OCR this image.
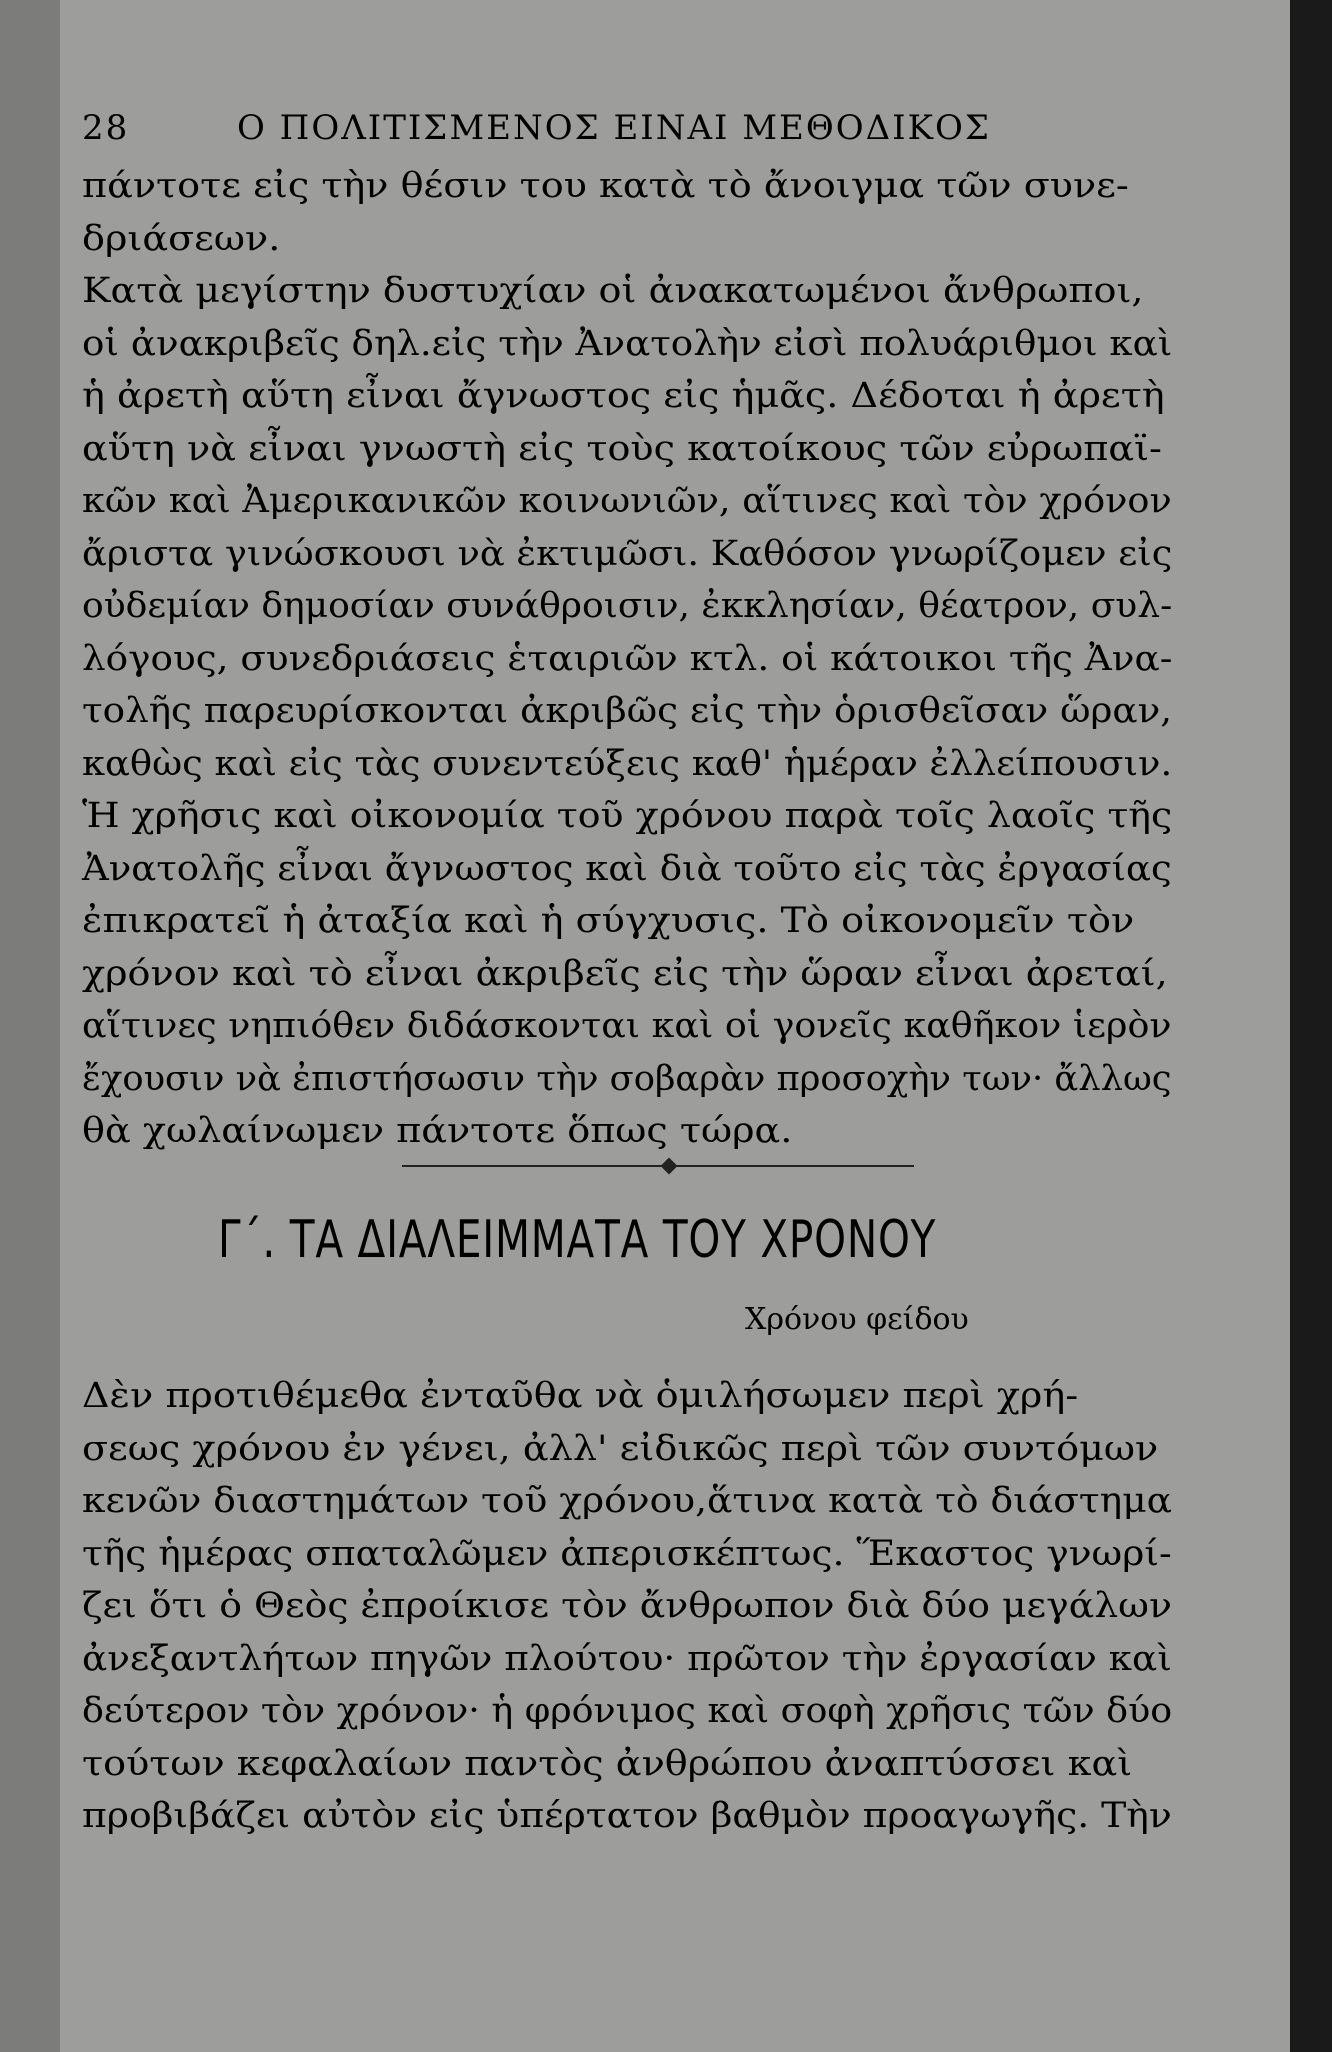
28	Ο ΠΟΛΙΤΙΣΜΕΝΟΣ ΕΙΝΑΙ ΜΕΘΟΔΙΚΟΣ
πάντοτε εἰς τὴν θέσιν του κατὰ τὸ ἄνοιγμα τῶν συνε-
δριάσεων.
Κατὰ μεγίστην δυστυχίαν οἱ ἀνακατωμένοι ἄνθρωποι,
οἱ ἀνακριβεῖς δηλ.εἰς τὴν Ἀνατολὴν εἰσὶ πολυάριθμοι καὶ
ἡ ἀρετὴ αὕτη εἶναι ἄγνωστος εἰς ἡμᾶς. Δέδοται ἡ ἀρετὴ
αὕτη νὰ εἶναι γνωστὴ εἰς τοὺς κατοίκους τῶν εὐρωπαϊ-
κῶν καὶ Ἀμερικανικῶν κοινωνιῶν, αἵτινες καὶ τὸν χρόνον
ἄριστα γινώσκουσι νὰ ἐκτιμῶσι. Καθόσον γνωρίζομεν εἰς
οὐδεμίαν δημοσίαν συνάθροισιν, ἐκκλησίαν, θέατρον, συλ-
λόγους, συνεδριάσεις ἑταιριῶν κτλ. οἱ κάτοικοι τῆς Ἀνα-
τολῆς παρευρίσκονται ἀκριβῶς εἰς τὴν ὁρισθεῖσαν ὥραν,
καθὼς καὶ εἰς τὰς συνεντεύξεις καθ' ἡμέραν ἐλλείπουσιν.
Ἡ χρῆσις καὶ οἰκονομία τοῦ χρόνου παρὰ τοῖς λαοῖς τῆς
Ἀνατολῆς εἶναι ἄγνωστος καὶ διὰ τοῦτο εἰς τὰς ἐργασίας
ἐπικρατεῖ ἡ ἀταξία καὶ ἡ σύγχυσις. Τὸ οἰκονομεῖν τὸν
χρόνον καὶ τὸ εἶναι ἀκριβεῖς εἰς τὴν ὥραν εἶναι ἀρεταί,
αἵτινες νηπιόθεν διδάσκονται καὶ οἱ γονεῖς καθῆκον ἱερὸν
ἔχουσιν νὰ ἐπιστήσωσιν τὴν σοβαρὰν προσοχὴν των· ἄλλως
θὰ χωλαίνωμεν πάντοτε ὅπως τώρα.
Γ΄. ΤΑ ΔΙΑΛΕΙΜΜΑΤΑ ΤΟΥ ΧΡΟΝΟΥ
Χρόνου φείδου
Δὲν προτιθέμεθα ἐνταῦθα νὰ ὁμιλήσωμεν περὶ χρή-
σεως χρόνου ἐν γένει, ἀλλ' εἰδικῶς περὶ τῶν συντόμων
κενῶν διαστημάτων τοῦ χρόνου,ἅτινα κατὰ τὸ διάστημα
τῆς ἡμέρας σπαταλῶμεν ἀπερισκέπτως. Ἕκαστος γνωρί-
ζει ὅτι ὁ Θεὸς ἐπροίκισε τὸν ἄνθρωπον διὰ δύο μεγάλων
ἀνεξαντλήτων πηγῶν πλούτου· πρῶτον τὴν ἐργασίαν καὶ
δεύτερον τὸν χρόνον· ἡ φρόνιμος καὶ σοφὴ χρῆσις τῶν δύο
τούτων κεφαλαίων παντὸς ἀνθρώπου ἀναπτύσσει καὶ
προβιβάζει αὐτὸν εἰς ὑπέρτατον βαθμὸν προαγωγῆς. Τὴν
